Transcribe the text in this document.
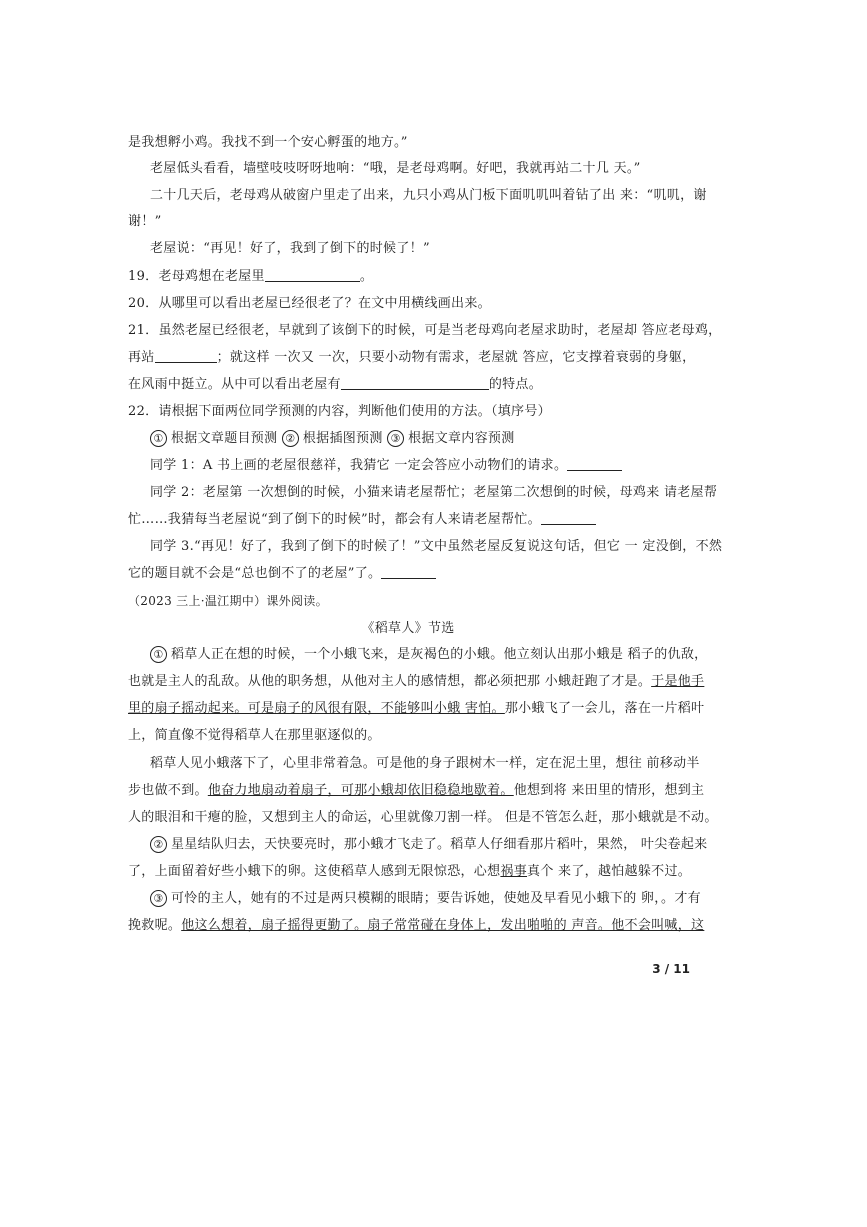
是我想孵小鸡。我找不到一个安心孵蛋的地方。”
老屋低头看看，墙壁吱吱呀呀地响：“哦，是老母鸡啊。好吧，我就再站二十几 天。”
二十几天后，老母鸡从破窗户里走了出来，九只小鸡从门板下面叽叽叫着钻了出 来：“叽叽，谢
谢！”
老屋说：“再见！好了，我到了倒下的时候了！”
19．老母鸡想在老屋里	。
20．从哪里可以看出老屋已经很老了？在文中用横线画出来。
21．虽然老屋已经很老，早就到了该倒下的时候，可是当老母鸡向老屋求助时，老屋却 答应老母鸡，
再站	；就这样 一次又 一次，只要小动物有需求，老屋就 答应，它支撑着衰弱的身躯，
在风雨中挺立。从中可以看出老屋有	的特点。
22．请根据下面两位同学预测的内容，判断他们使用的方法。（填序号）
① 根据文章题目预测 ② 根据插图预测 ③ 根据文章内容预测
同学 1：A 书上画的老屋很慈祥，我猜它 一定会答应小动物们的请求。
同学 2：老屋第 一次想倒的时候，小猫来请老屋帮忙；老屋第二次想倒的时候，母鸡来 请老屋帮
忙……我猜每当老屋说“到了倒下的时候”时，都会有人来请老屋帮忙。
同学 3.“再见！好了，我到了倒下的时候了！”文中虽然老屋反复说这句话，但它 一 定没倒，不然
它的题目就不会是“总也倒不了的老屋”了。
（2023 三上·温江期中）课外阅读。
《稻草人》节选
① 稻草人正在想的时候，一个小蛾飞来，是灰褐色的小蛾。他立刻认出那小蛾是 稻子的仇敌，
也就是主人的乱敌。从他的职务想，从他对主人的感情想，都必须把那 小蛾赶跑了才是。于是他手
里的扇子摇动起来。可是扇子的风很有限，不能够叫小蛾 害怕。那小蛾飞了一会儿，落在一片稻叶
上，简直像不觉得稻草人在那里驱逐似的。
稻草人见小蛾落下了，心里非常着急。可是他的身子跟树木一样，定在泥土里，想往 前移动半
步也做不到。他奋力地扇动着扇子，可那小蛾却依旧稳稳地歇着。他想到将 来田里的情形，想到主
人的眼泪和干瘪的脸，又想到主人的命运，心里就像刀割一样。 但是不管怎么赶，那小蛾就是不动。
② 星星结队归去，天快要亮时，那小蛾才飞走了。稻草人仔细看那片稻叶，果然， 叶尖卷起来
了，上面留着好些小蛾下的卵。这使稻草人感到无限惊恐，心想祸事真个 来了，越怕越躲不过。
③ 可怜的主人，她有的不过是两只模糊的眼睛；要告诉她，使她及早看见小蛾下的 卵，。才有
挽救呢。他这么想着，扇子摇得更勤了。扇子常常碰在身体上，发出啪啪的 声音。他不会叫喊，这
3 / 11
